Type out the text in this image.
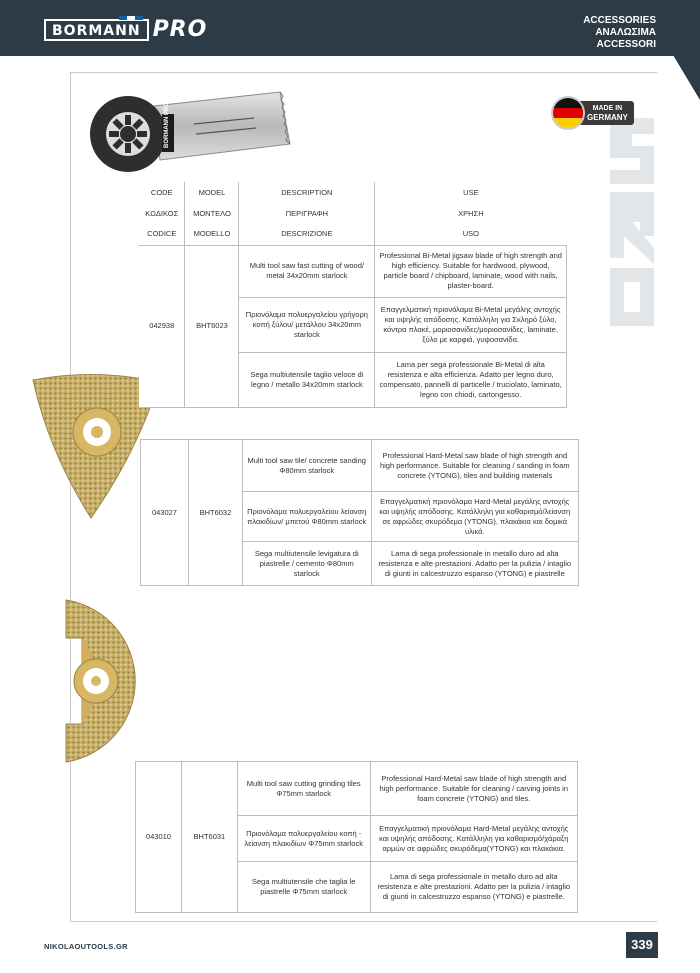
BORMANN PRO	ACCESSORIES
ΑΝΑΛΩΣΙΜΑ
ACCESSORI
MADE IN
GERMANY
BORMANN PRO
CODE	MODEL	DESCRIPTION	USE
ΚΩΔΙΚΟΣ	ΜΟΝΤΕΛΟ	ΠΕΡΙΓΡΑΦΗ	ΧΡΗΣΗ
CODICE	MODELLO	DESCRIZIONE	USO
042938	BHT6023	Multi tool saw fast cutting of wood/ metal 34x20mm starlock	Professional Bi-Metal jigsaw blade of high strength and high efficiency. Suitable for hardwood, plywood, particle board / chipboard, laminate, wood with nails, plaster-board.
		Πριονόλαμα πολυεργαλείου γρήγορη κοπή ξύλου/ μετάλλου 34x20mm starlock	Επαγγελματική πριονόλαμα Bi-Metal μεγάλης αντοχής και υψηλής απόδοσης. Κατάλληλη για Σκληρό ξύλο, κόντρα πλακέ, μοριοσανίδες/μοριοσανίδες, laminate, ξύλο με καρφιά, γυψοσανίδα.
		Sega multiutensile taglio veloce di legno / metallo 34x20mm starlock	Lama per sega professionale Bi-Metal di alta resistenza e alta efficienza. Adatto per legno duro, compensato, pannelli di particelle / truciolato, laminato, legno con chiodi, cartongesso.
043027	BHT6032	Multi tool saw tile/ concrete sanding Φ80mm starlock	Professional Hard-Metal saw blade of high strength and high performance. Suitable for cleaning / sanding in foam concrete (YTONG), tiles and building materials
		Πριονόλαμα πολυεργαλείου λείανση πλακιδίων/ μπετού Φ80mm starlock	Επαγγελματική πριονόλαμα Hard-Metal μεγάλης αντοχής και υψηλής απόδοσης. Κατάλληλη για καθαρισμό/λείανση σε αφρώδες σκυρόδεμα (YTONG), πλακάκια και δομικά υλικά.
		Sega multiutensile levigatura di piastrelle / cemento Φ80mm starlock	Lama di sega professionale in metallo duro ad alta resistenza e alte prestazioni. Adatto per la pulizia / intaglio di giunti in calcestruzzo espanso (YTONG) e piastrelle
043010	BHT6031	Multi tool saw cutting grinding tiles Φ75mm starlock	Professional Hard-Metal saw blade of high strength and high performance. Suitable for cleaning / carving joints in foam concrete (YTONG) and tiles.
		Πριονόλαμα πολυεργαλείου κοπή - λείανση πλακιδίων Φ75mm starlock	Επαγγελματική πριονόλαμα Hard-Metal μεγάλης αντοχής και υψηλής απόδοσης. Κατάλληλη για καθαρισμό/χάραξη αρμών σε αφρώδες σκυρόδεμα(YTONG) και πλακάκια.
		Sega multiutensile che taglia le piastrelle Φ75mm starlock	Lama di sega professionale in metallo duro ad alta resistenza e alte prestazioni. Adatto per la pulizia / intaglio di giunti in calcestruzzo espanso (YTONG) e piastrelle.
NIKOLAOUTOOLS.GR	339
